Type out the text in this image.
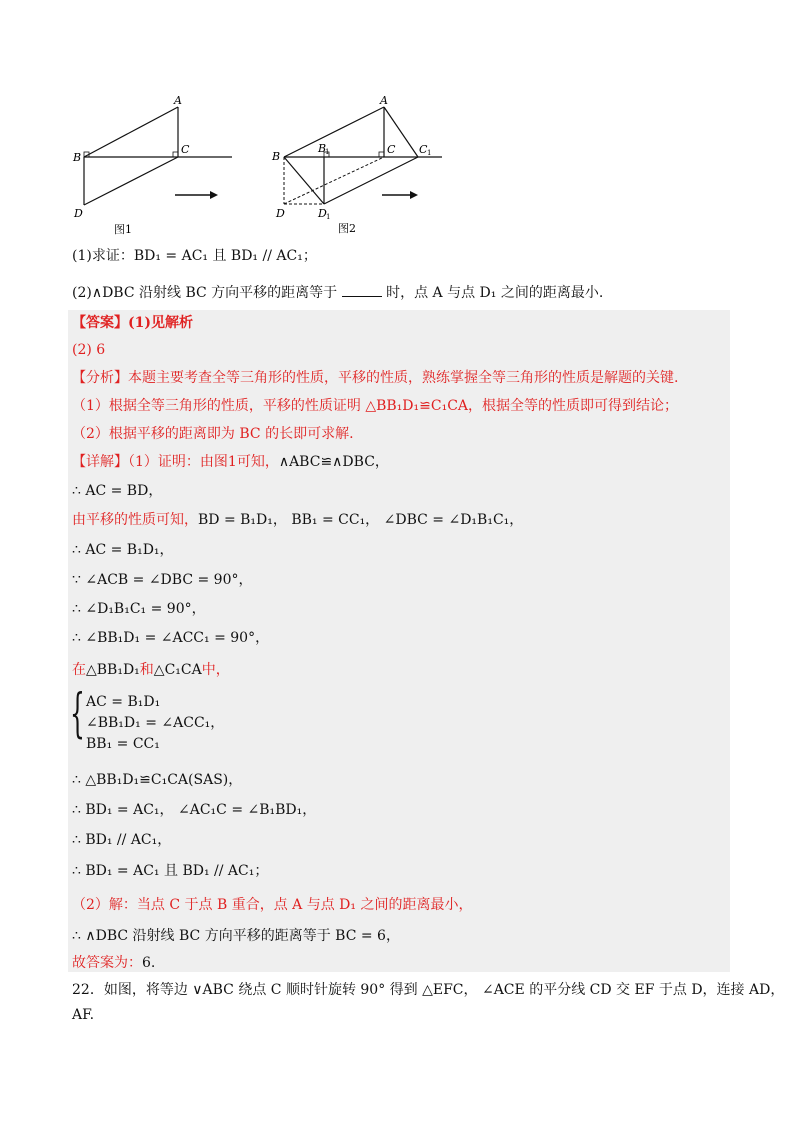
A
B
C
D
图1
A
B
B
1	C C 1
D	D 1
图2
(1)求证：BD₁ = AC₁ 且 BD₁ // AC₁；
(2)∧DBC 沿射线 BC 方向平移的距离等于	时，点 A 与点 D₁ 之间的距离最小.
【答案】(1)见解析
(2) 6
【分析】本题主要考查全等三角形的性质，平移的性质，熟练掌握全等三角形的性质是解题的关键.
（1）根据全等三角形的性质，平移的性质证明 △BB₁D₁≌C₁CA，根据全等的性质即可得到结论；
（2）根据平移的距离即为 BC 的长即可求解.
【详解】（1）证明：由图1可知，∧ABC≌∧DBC，
∴ AC = BD，
由平移的性质可知，BD = B₁D₁， BB₁ = CC₁， ∠DBC = ∠D₁B₁C₁，
∴ AC = B₁D₁，
∵ ∠ACB = ∠DBC = 90°，
∴ ∠D₁B₁C₁ = 90°，
∴ ∠BB₁D₁ = ∠ACC₁ = 90°，
在△BB₁D₁和△C₁CA中，
{ AC = B₁D₁
∠BB₁D₁ = ∠ACC₁，
BB₁ = CC₁
∴ △BB₁D₁≌C₁CA(SAS)，
∴ BD₁ = AC₁， ∠AC₁C = ∠B₁BD₁，
∴ BD₁ // AC₁，
∴ BD₁ = AC₁ 且 BD₁ // AC₁；
（2）解：当点 C 于点 B 重合，点 A 与点 D₁ 之间的距离最小，
∴ ∧DBC 沿射线 BC 方向平移的距离等于 BC = 6，
故答案为：6.
22．如图，将等边 ∨ABC 绕点 C 顺时针旋转 90° 得到 △EFC， ∠ACE 的平分线 CD 交 EF 于点 D，连接 AD，
AF.
